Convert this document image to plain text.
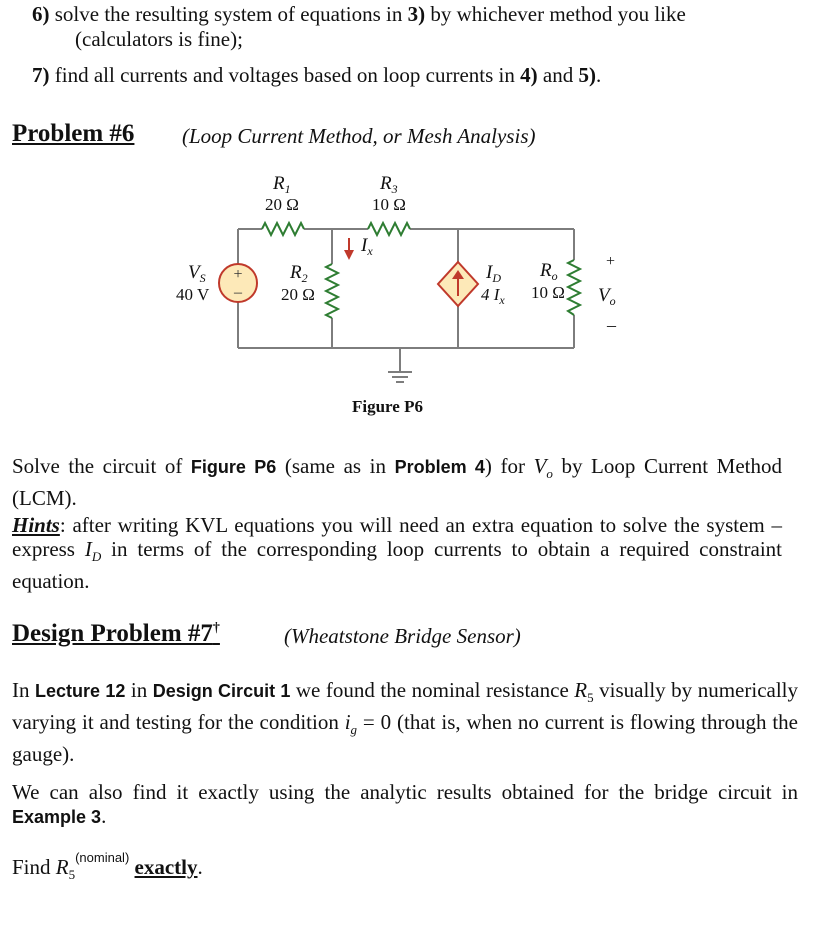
6) solve the resulting system of equations in 3) by whichever method you like
(calculators is fine);
7) find all currents and voltages based on loop currents in 4) and 5).
Problem #6 (Loop Current Method, or Mesh Analysis)
+
–
$R_1$
20 Ω
$R_3$
10 Ω
$I_x$
$V_S$
40 V
$R_2$
20 Ω
$I_D$
4 $I_x$
$R_o$
10 Ω
+
$V_o$
–
Figure P6
Solve the circuit of Figure P6 (same as in Problem 4) for $V_o$ by Loop Current Method (LCM).
Hints: after writing KVL equations you will need an extra equation to solve the system – express $I_D$ in terms of the corresponding loop currents to obtain a required constraint equation.
Design Problem #7†	(Wheatstone Bridge Sensor)
In Lecture 12 in Design Circuit 1 we found the nominal resistance $R_5$ visually by numerically varying it and testing for the condition $i_g = 0$ (that is, when no current is flowing through the gauge).
We can also find it exactly using the analytic results obtained for the bridge circuit in Example 3.
Find $R_5^{(nominal)}$ exactly.
